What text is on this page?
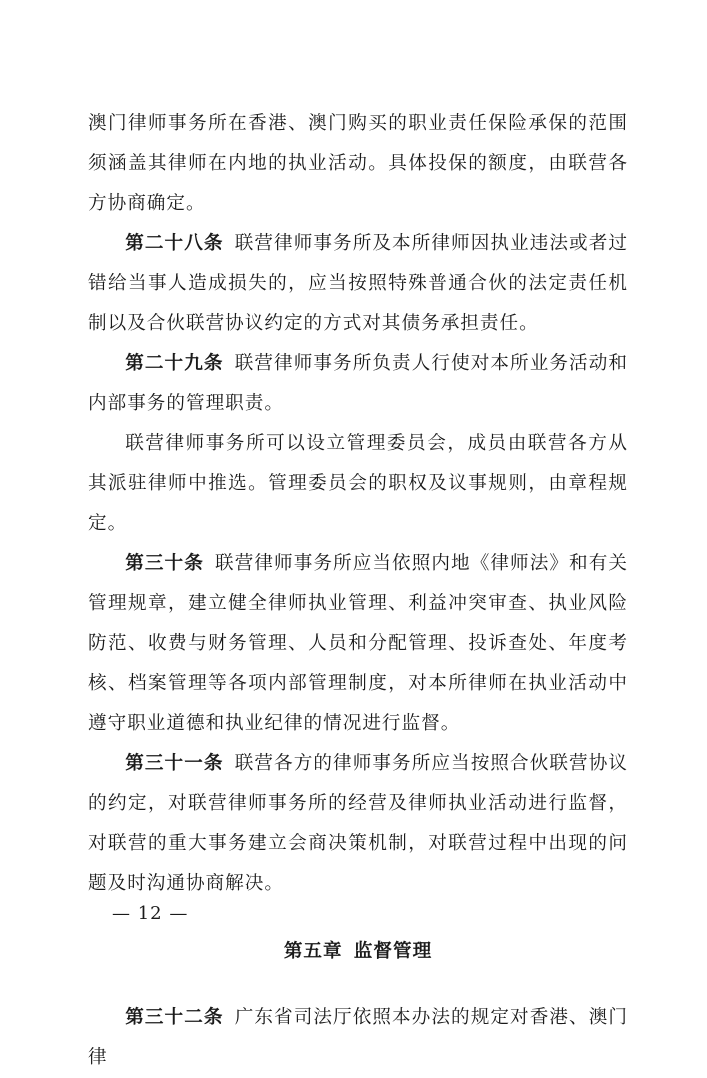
澳门律师事务所在香港、澳门购买的职业责任保险承保的范围须涵盖其律师在内地的执业活动。具体投保的额度，由联营各方协商确定。

第二十八条 联营律师事务所及本所律师因执业违法或者过错给当事人造成损失的，应当按照特殊普通合伙的法定责任机制以及合伙联营协议约定的方式对其债务承担责任。

第二十九条 联营律师事务所负责人行使对本所业务活动和内部事务的管理职责。

联营律师事务所可以设立管理委员会，成员由联营各方从其派驻律师中推选。管理委员会的职权及议事规则，由章程规定。

第三十条 联营律师事务所应当依照内地《律师法》和有关管理规章，建立健全律师执业管理、利益冲突审查、执业风险防范、收费与财务管理、人员和分配管理、投诉查处、年度考核、档案管理等各项内部管理制度，对本所律师在执业活动中遵守职业道德和执业纪律的情况进行监督。

第三十一条 联营各方的律师事务所应当按照合伙联营协议的约定，对联营律师事务所的经营及律师执业活动进行监督，对联营的重大事务建立会商决策机制，对联营过程中出现的问题及时沟通协商解决。

第五章 监督管理

第三十二条 广东省司法厅依照本办法的规定对香港、澳门律

— 12 —
